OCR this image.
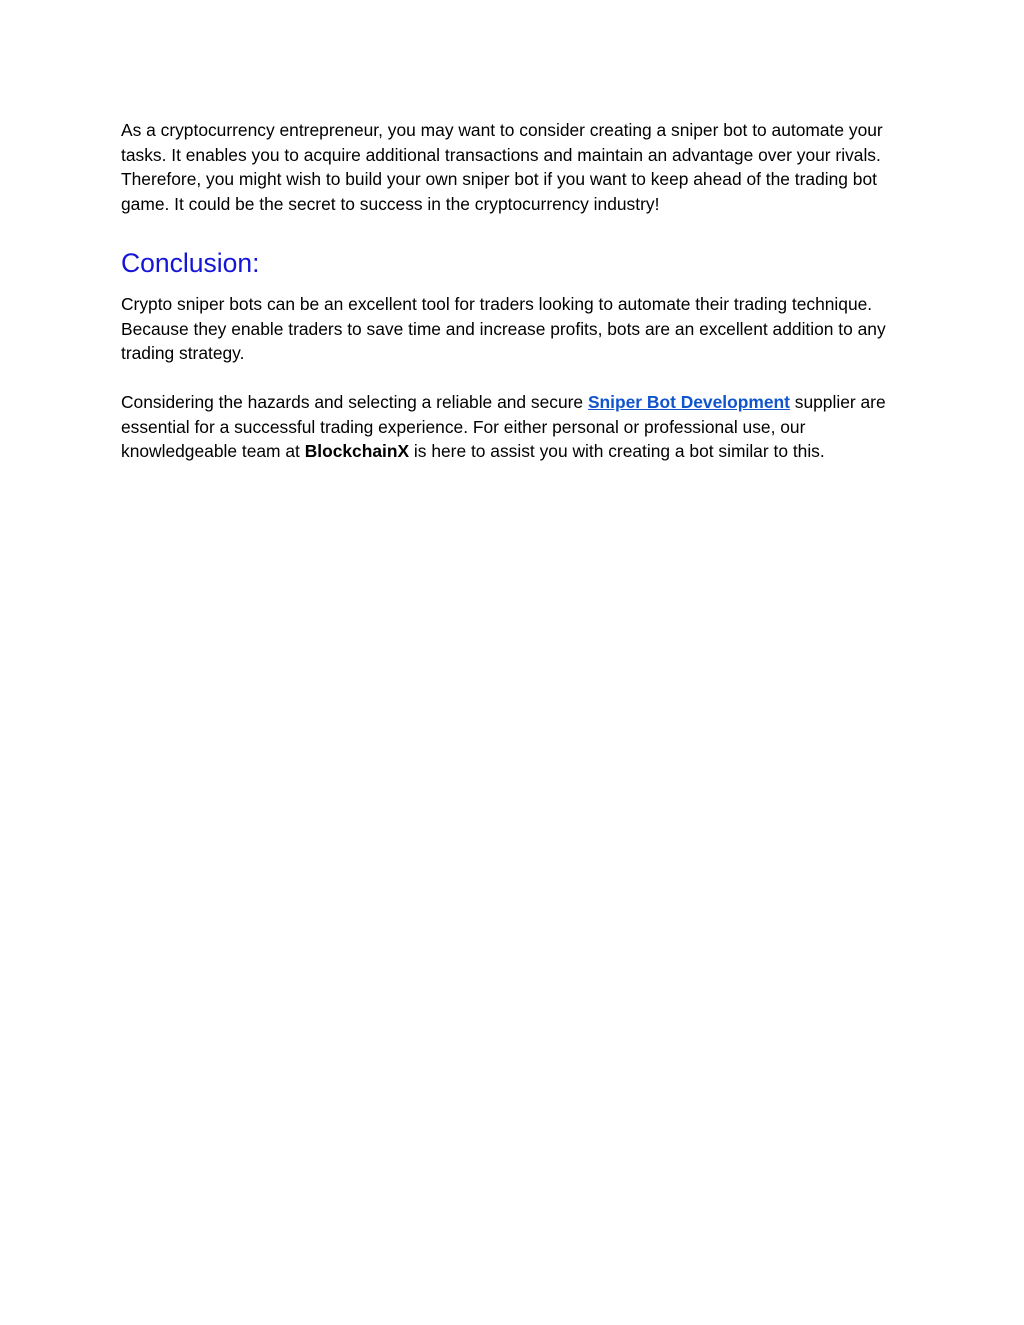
As a cryptocurrency entrepreneur, you may want to consider creating a sniper bot to automate your tasks. It enables you to acquire additional transactions and maintain an advantage over your rivals. Therefore, you might wish to build your own sniper bot if you want to keep ahead of the trading bot game. It could be the secret to success in the cryptocurrency industry!

Conclusion:

Crypto sniper bots can be an excellent tool for traders looking to automate their trading technique. Because they enable traders to save time and increase profits, bots are an excellent addition to any trading strategy.

Considering the hazards and selecting a reliable and secure Sniper Bot Development supplier are essential for a successful trading experience. For either personal or professional use, our knowledgeable team at BlockchainX is here to assist you with creating a bot similar to this.
